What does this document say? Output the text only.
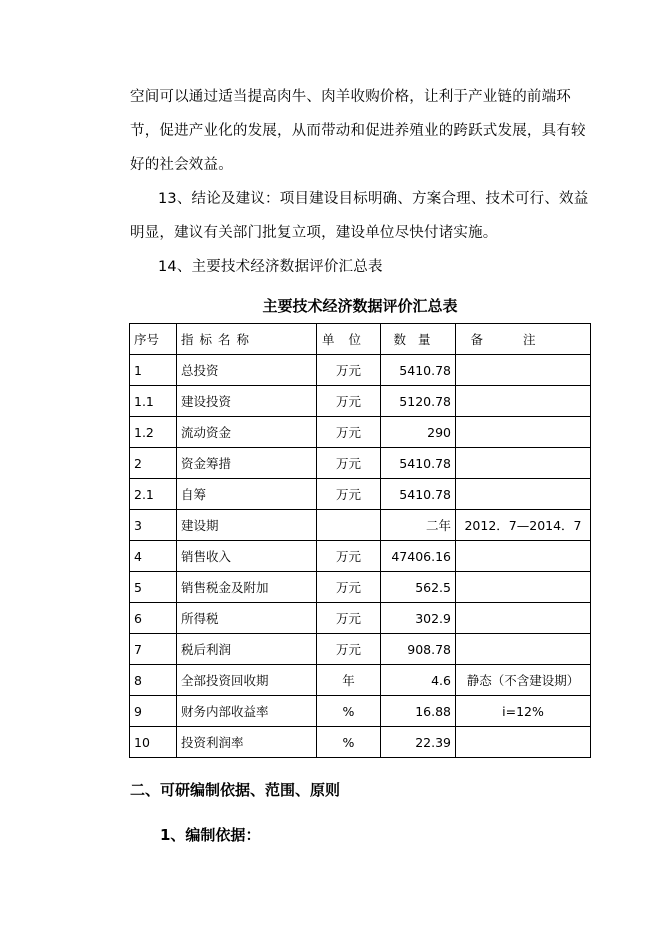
空间可以通过适当提高肉牛、肉羊收购价格，让利于产业链的前端环节，促进产业化的发展，从而带动和促进养殖业的跨跃式发展，具有较好的社会效益。

13、结论及建议：项目建设目标明确、方案合理、技术可行、效益明显，建议有关部门批复立项，建设单位尽快付诸实施。

14、主要技术经济数据评价汇总表

主要技术经济数据评价汇总表
序号	指标名称	单位	数量	备注
1	总投资	万元	5410.78	
1.1	建设投资	万元	5120.78	
1.2	流动资金	万元	290	
2	资金筹措	万元	5410.78	
2.1	自筹	万元	5410.78	
3	建设期		二年	2012．7—2014．7
4	销售收入	万元	47406.16	
5	销售税金及附加	万元	562.5	
6	所得税	万元	302.9	
7	税后利润	万元	908.78	
8	全部投资回收期	年	4.6	静态（不含建设期）
9	财务内部收益率	%	16.88	i=12%
10	投资利润率	%	22.39	
二、可研编制依据、范围、原则
1、编制依据：
